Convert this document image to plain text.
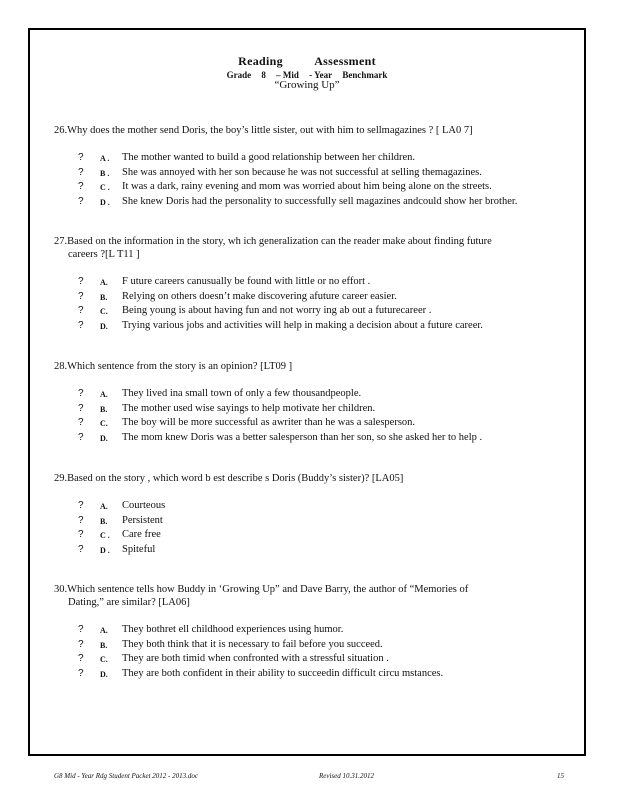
Reading	Assessment
Grade 8 – Mid - Year Benchmark
“Growing Up”
26.Why does the mother send Doris, the boy’s little sister, out with him to sellmagazines ? [ LA0 7]
?	A .	The mother wanted to build a good relationship between her children.
?	B .	She was annoyed with her son because he was not successful at selling themagazines.
?	C .	It was a dark, rainy evening and mom was worried about him being alone on the streets.
?	D .	She knew Doris had the personality to successfully sell magazines andcould show her brother.
27.Based on the information in the story, wh ich generalization can the reader make about finding future
careers ?[L T11 ]
?	A.	F uture careers canusually be found with little or no effort .
?	B.	Relying on others doesn’t make discovering afuture career easier.
?	C.	Being young is about having fun and not worry ing ab out a futurecareer .
?	D.	Trying various jobs and activities will help in making a decision about a future career.
28.Which sentence from the story is an opinion? [LT09 ]
?	A.	They lived ina small town of only a few thousandpeople.
?	B.	The mother used wise sayings to help motivate her children.
?	C.	The boy will be more successful as awriter than he was a salesperson.
?	D.	The mom knew Doris was a better salesperson than her son, so she asked her to help .
29.Based on the story , which word b est describe s Doris (Buddy’s sister)? [LA05]
?	A.	Courteous
?	B.	Persistent
?	C .	Care free
?	D .	Spiteful
30.Which sentence tells how Buddy in ‘Growing Up” and Dave Barry, the author of “Memories of
Dating,” are similar? [LA06]
?	A.	They bothret ell childhood experiences using humor.
?	B.	They both think that it is necessary to fail before you succeed.
?	C.	They are both timid when confronted with a stressful situation .
?	D.	They are both confident in their ability to succeedin difficult circu mstances.
G8 Mid - Year Rdg Student Packet 2012 - 2013.doc	Revised 10.31.2012	15
